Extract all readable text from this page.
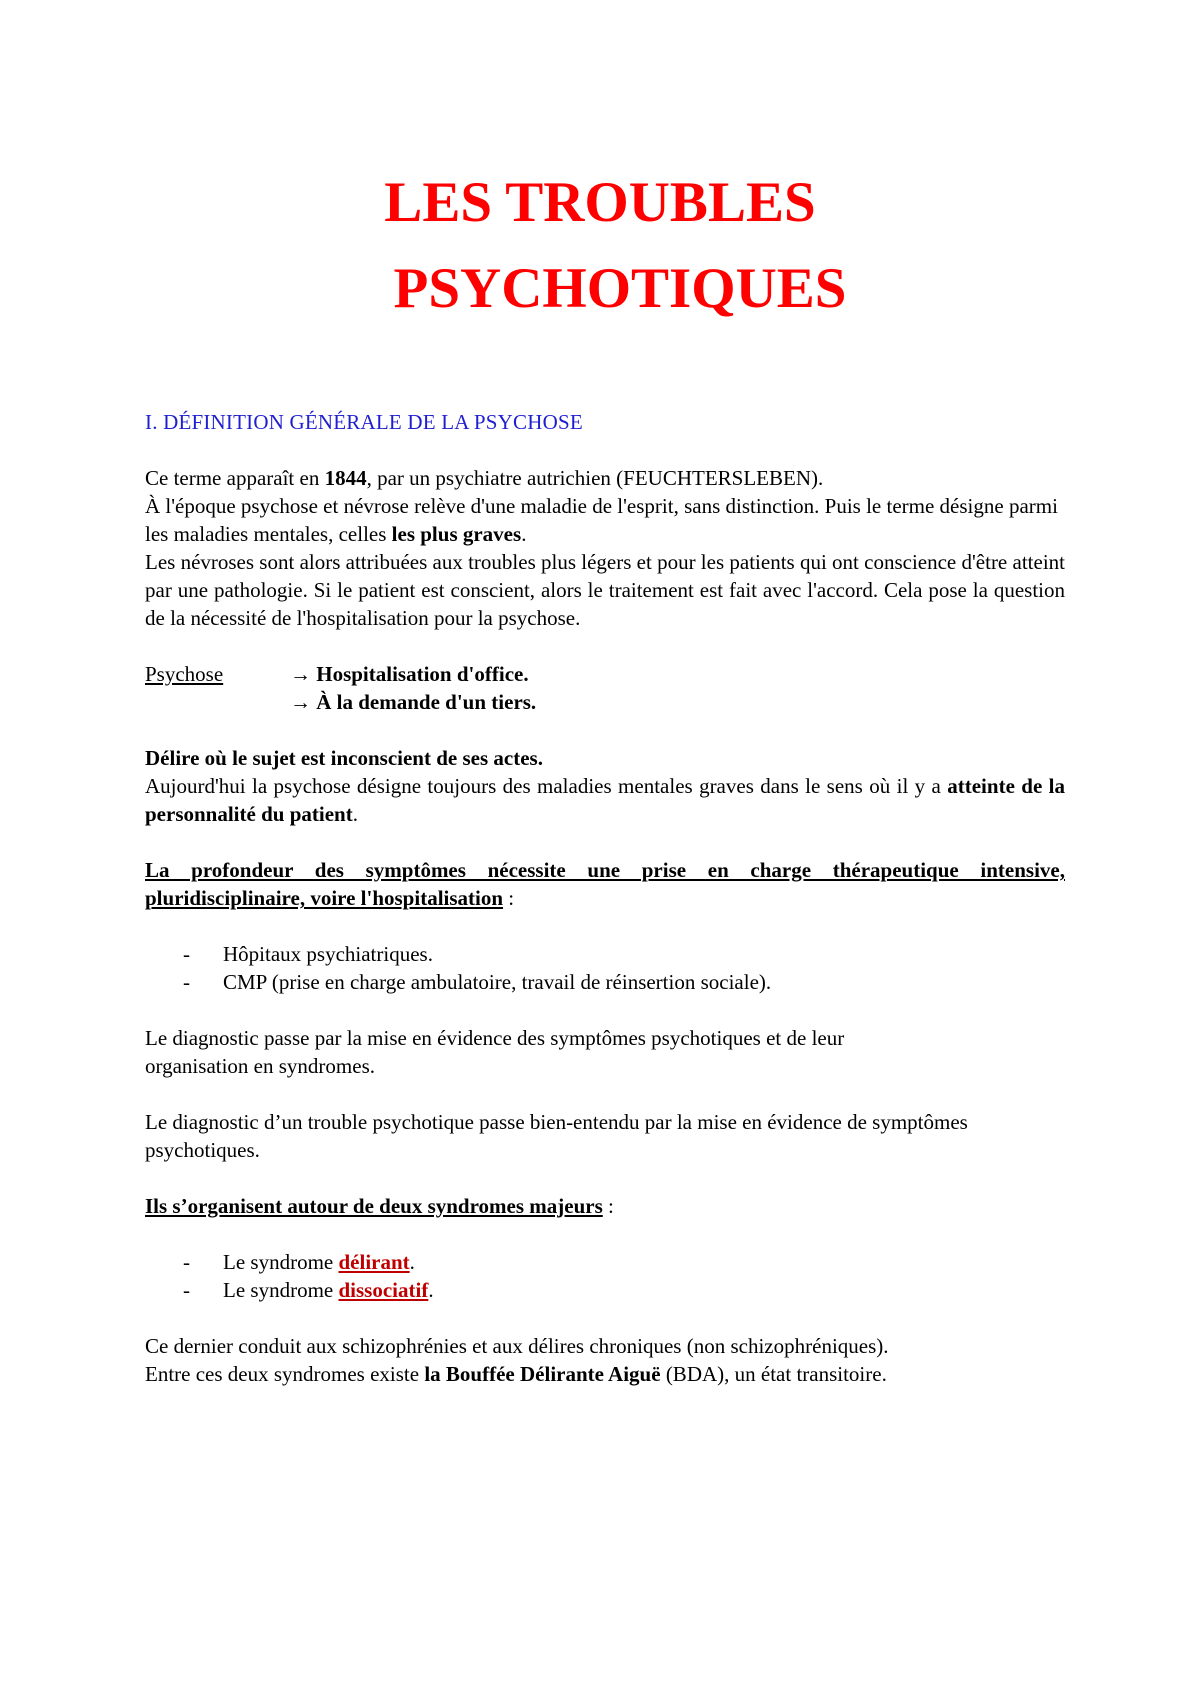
LES TROUBLES
PSYCHOTIQUES

I. DÉFINITION GÉNÉRALE DE LA PSYCHOSE

Ce terme apparaît en 1844, par un psychiatre autrichien (FEUCHTERSLEBEN).

À l'époque psychose et névrose relève d'une maladie de l'esprit, sans distinction. Puis le terme désigne parmi les maladies mentales, celles les plus graves.

Les névroses sont alors attribuées aux troubles plus légers et pour les patients qui ont conscience d'être atteint par une pathologie. Si le patient est conscient, alors le traitement est fait avec l'accord. Cela pose la question de la nécessité de l'hospitalisation pour la psychose.

Psychose	→ Hospitalisation d'office.
→ À la demande d'un tiers.

Délire où le sujet est inconscient de ses actes.

Aujourd'hui la psychose désigne toujours des maladies mentales graves dans le sens où il y a atteinte de la personnalité du patient.

La profondeur des symptômes nécessite une prise en charge thérapeutique intensive, pluridisciplinaire, voire l'hospitalisation :

-	Hôpitaux psychiatriques.
-	CMP (prise en charge ambulatoire, travail de réinsertion sociale).

Le diagnostic passe par la mise en évidence des symptômes psychotiques et de leur organisation en syndromes.

Le diagnostic d’un trouble psychotique passe bien-entendu par la mise en évidence de symptômes psychotiques.

Ils s’organisent autour de deux syndromes majeurs :

-	Le syndrome délirant.
-	Le syndrome dissociatif.

Ce dernier conduit aux schizophrénies et aux délires chroniques (non schizophréniques).

Entre ces deux syndromes existe la Bouffée Délirante Aiguë (BDA), un état transitoire.
